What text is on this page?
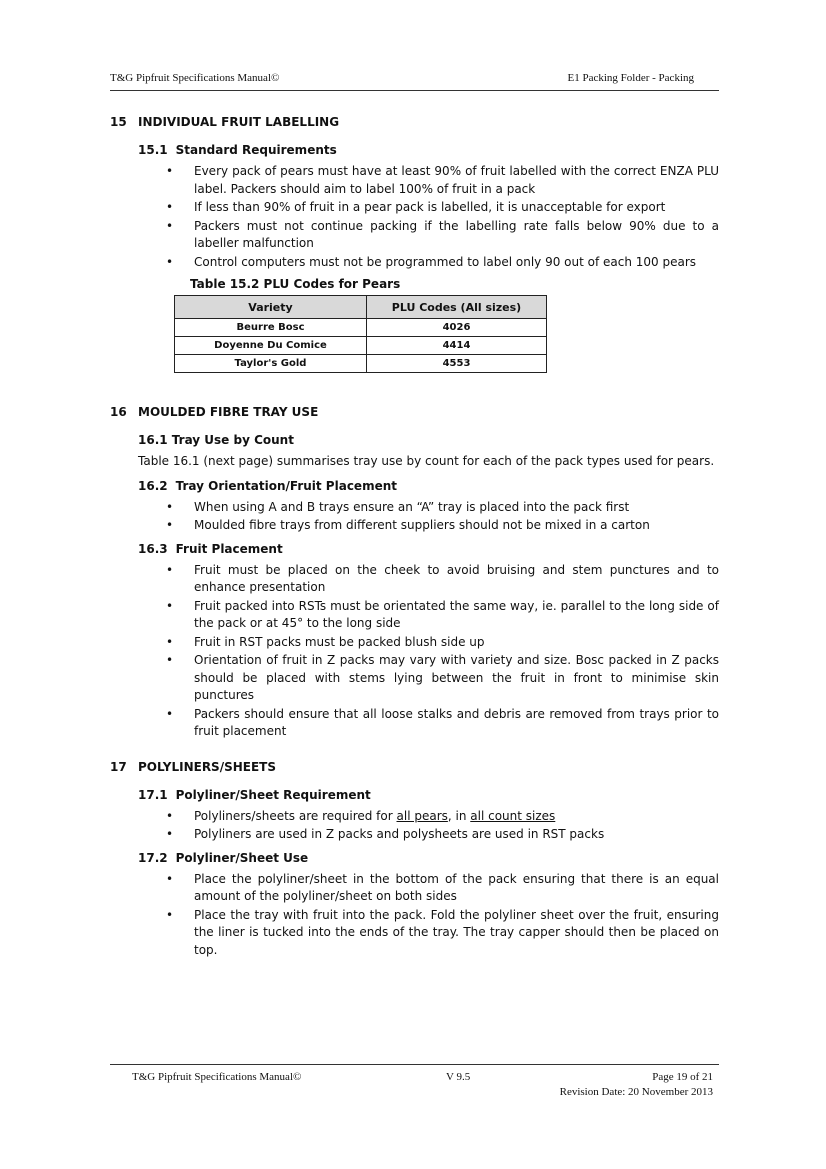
T&G Pipfruit Specifications Manual©	E1 Packing Folder - Packing
15 INDIVIDUAL FRUIT LABELLING
15.1 Standard Requirements
• Every pack of pears must have at least 90% of fruit labelled with the correct ENZA PLU label. Packers should aim to label 100% of fruit in a pack
• If less than 90% of fruit in a pear pack is labelled, it is unacceptable for export
• Packers must not continue packing if the labelling rate falls below 90% due to a labeller malfunction
• Control computers must not be programmed to label only 90 out of each 100 pears
Table 15.2 PLU Codes for Pears
Variety	PLU Codes (All sizes)
Beurre Bosc	4026
Doyenne Du Comice	4414
Taylor's Gold	4553
16 MOULDED FIBRE TRAY USE
16.1 Tray Use by Count
Table 16.1 (next page) summarises tray use by count for each of the pack types used for pears.
16.2 Tray Orientation/Fruit Placement
• When using A and B trays ensure an “A” tray is placed into the pack first
• Moulded fibre trays from different suppliers should not be mixed in a carton
16.3 Fruit Placement
• Fruit must be placed on the cheek to avoid bruising and stem punctures and to enhance presentation
• Fruit packed into RSTs must be orientated the same way, ie. parallel to the long side of the pack or at 45° to the long side
• Fruit in RST packs must be packed blush side up
• Orientation of fruit in Z packs may vary with variety and size. Bosc packed in Z packs should be placed with stems lying between the fruit in front to minimise skin punctures
• Packers should ensure that all loose stalks and debris are removed from trays prior to fruit placement
17 POLYLINERS/SHEETS
17.1 Polyliner/Sheet Requirement
• Polyliners/sheets are required for all pears, in all count sizes
• Polyliners are used in Z packs and polysheets are used in RST packs
17.2 Polyliner/Sheet Use
• Place the polyliner/sheet in the bottom of the pack ensuring that there is an equal amount of the polyliner/sheet on both sides
• Place the tray with fruit into the pack. Fold the polyliner sheet over the fruit, ensuring the liner is tucked into the ends of the tray. The tray capper should then be placed on top.
T&G Pipfruit Specifications Manual©	V 9.5	Page 19 of 21
Revision Date: 20 November 2013
